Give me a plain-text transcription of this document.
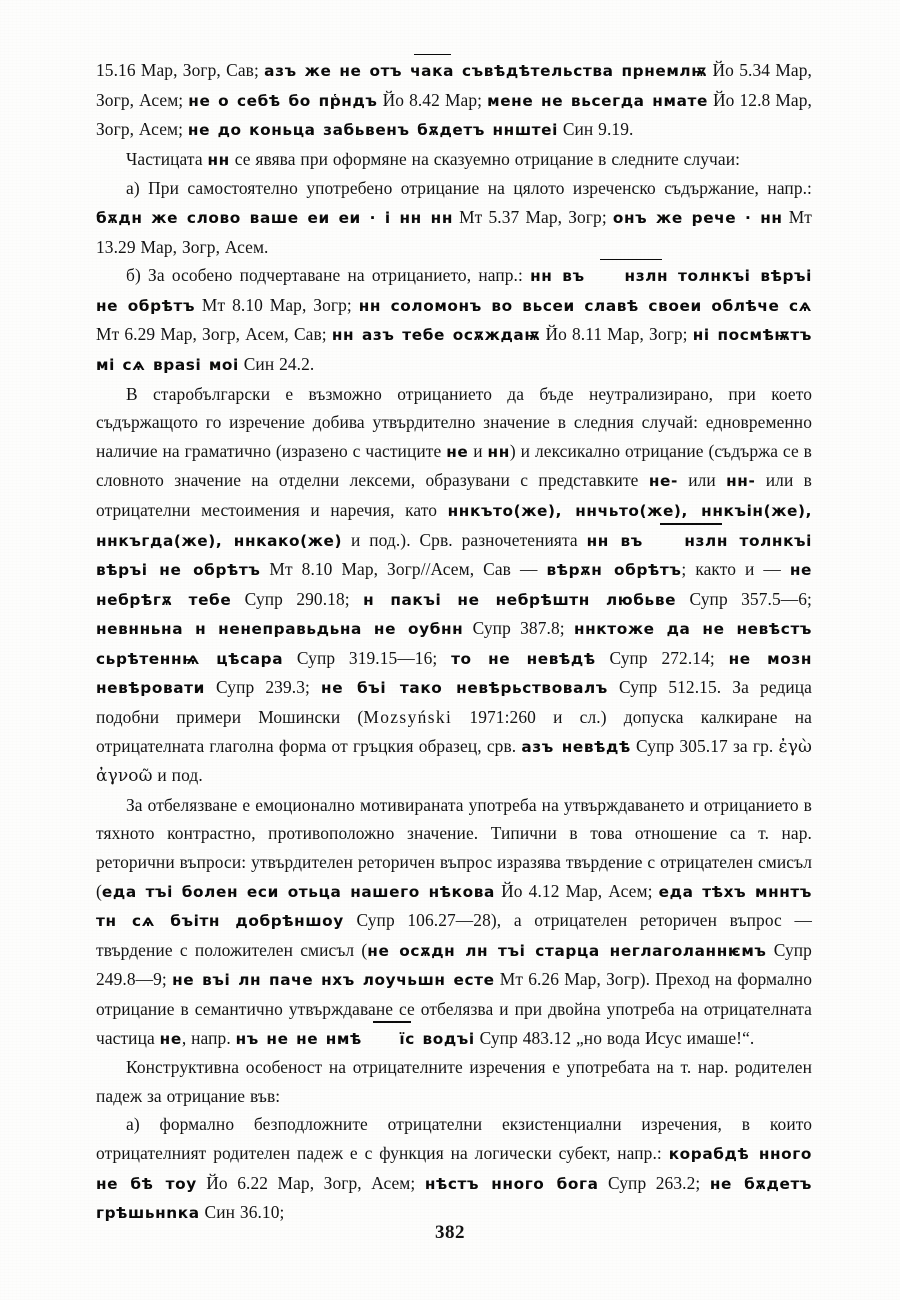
15.16 Мар, Зогр, Сав; азъ же не отъ чака съвѣдѣтельства прнемлѭ Йо 5.34 Мар, Зогр, Асем; не о себѣ бо пр҅ндъ Йо 8.42 Мар; мене не вьсегда нмате Йо 12.8 Мар, Зогр, Асем; не до коньца забьвенъ бѫдетъ ннштеі Син 9.19.
Частицата нн се явява при оформяне на сказуемно отрицание в следните случаи:
а) При самостоятелно употребено отрицание на цялото изреченско съдържание, напр.: бѫдн же слово ваше еи еи · і нн нн Мт 5.37 Мар, Зогр; онъ же рече · нн Мт 13.29 Мар, Зогр, Асем.
б) За особено подчертаване на отрицанието, напр.: нн въ нзлн толнкъі вѣръі не обрѣтъ Мт 8.10 Мар, Зогр; нн соломонъ во вьсеи славѣ своеи облѣче сѧ Мт 6.29 Мар, Зогр, Асем, Сав; нн азъ тебе осѫждаѭ Йо 8.11 Мар, Зогр; ні посмѣѭтъ мі сѧ враsі моі Син 24.2.
В старобългарски е възможно отрицанието да бъде неутрализирано, при което съдържащото го изречение добива утвърдително значение в следния случай: едновременно наличие на граматично (изразено с частиците не и нн) и лексикално отрицание (съдържа се в словното значение на отделни лексеми, образувани с представките не- или нн- или в отрицателни местоимения и наречия, като ннкъто(же), ннчьто(же), ннкъін(же), ннкъгда(же), ннкако(же) и под.). Срв. разночетенията нн въ нзлн толнкъі вѣръі не обрѣтъ Мт 8.10 Мар, Зогр//Асем, Сав — вѣрѫн обрѣтъ; както и — не небрѣгѫ тебе Супр 290.18; н пакъі не небрѣштн любьве Супр 357.5—6; невнньна н ненеправьдьна не оубнн Супр 387.8; ннктоже да не невѣстъ сьрѣтеннѩ цѣсара Супр 319.15—16; то не невѣдѣ Супр 272.14; не мозн невѣровати Супр 239.3; не бъі тако невѣрьствовалъ Супр 512.15. За редица подобни примери Мошински (Mozsyński 1971:260 и сл.) допуска калкиране на отрицателната глаголна форма от гръцкия образец, срв. азъ невѣдѣ Супр 305.17 за гр. ἐγὼ ἀγνοῶ и под.
За отбелязване е емоционално мотивираната употреба на утвърждаването и отрицанието в тяхното контрастно, противоположно значение. Типични в това отношение са т. нар. реторични въпроси: утвърдителен реторичен въпрос изразява твърдение с отрицателен смисъл (еда тъі болен еси отьца нашего нѣкова Йо 4.12 Мар, Асем; еда тѣхъ мннтъ тн сѧ бъітн добрѣншоу Супр 106.27—28), а отрицателен реторичен въпрос — твърдение с положителен смисъл (не осѫдн лн тъі старца неглаголаннѥмъ Супр 249.8—9; не въі лн паче нхъ лоучьшн есте Мт 6.26 Мар, Зогр). Преход на формално отрицание в семантично утвърждаване се отбелязва и при двойна употреба на отрицателната частица не, напр. нъ не не нмѣ їс водъі Супр 483.12 „но вода Исус имаше!“.
Конструктивна особеност на отрицателните изречения е употребата на т. нар. родителен падеж за отрицание във:
а) формално безподложните отрицателни екзистенциални изречения, в които отрицателният родителен падеж е с функция на логически субект, напр.: корабдѣ нного не бѣ тоу Йо 6.22 Мар, Зогр, Асем; нѣстъ нного бога Супр 263.2; не бѫдетъ грѣшьнnка Син 36.10;
382
